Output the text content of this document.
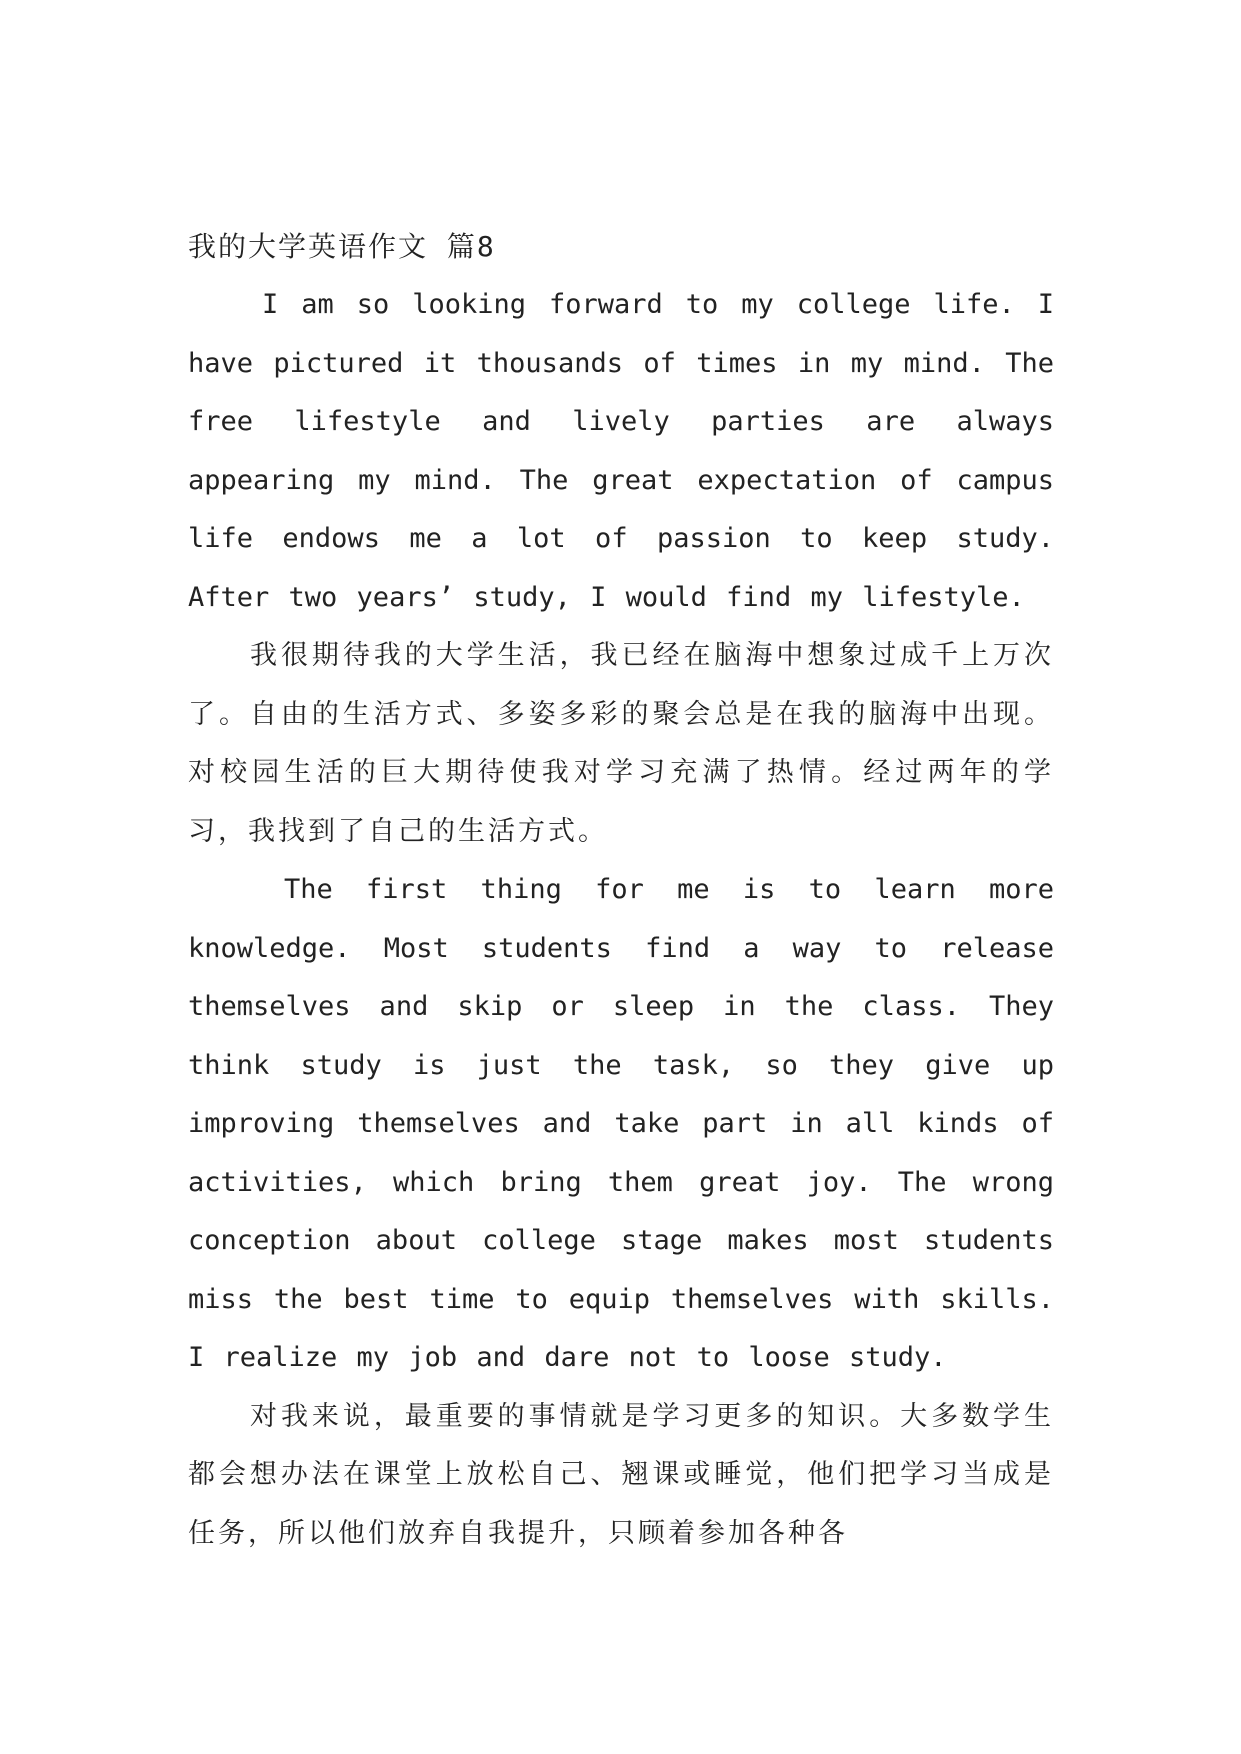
我的大学英语作文 篇8

I am so looking forward to my college life. I have pictured it thousands of times in my mind. The free lifestyle and lively parties are always appearing my mind. The great expectation of campus life endows me a lot of passion to keep study. After two years’ study, I would find my lifestyle.

我很期待我的大学生活，我已经在脑海中想象过成千上万次了。自由的生活方式、多姿多彩的聚会总是在我的脑海中出现。对校园生活的巨大期待使我对学习充满了热情。经过两年的学习，我找到了自己的生活方式。

The first thing for me is to learn more knowledge. Most students find a way to release themselves and skip or sleep in the class. They think study is just the task, so they give up improving themselves and take part in all kinds of activities, which bring them great joy. The wrong conception about college stage makes most students miss the best time to equip themselves with skills. I realize my job and dare not to loose study.

对我来说，最重要的事情就是学习更多的知识。大多数学生都会想办法在课堂上放松自己、翘课或睡觉，他们把学习当成是任务，所以他们放弃自我提升，只顾着参加各种各
